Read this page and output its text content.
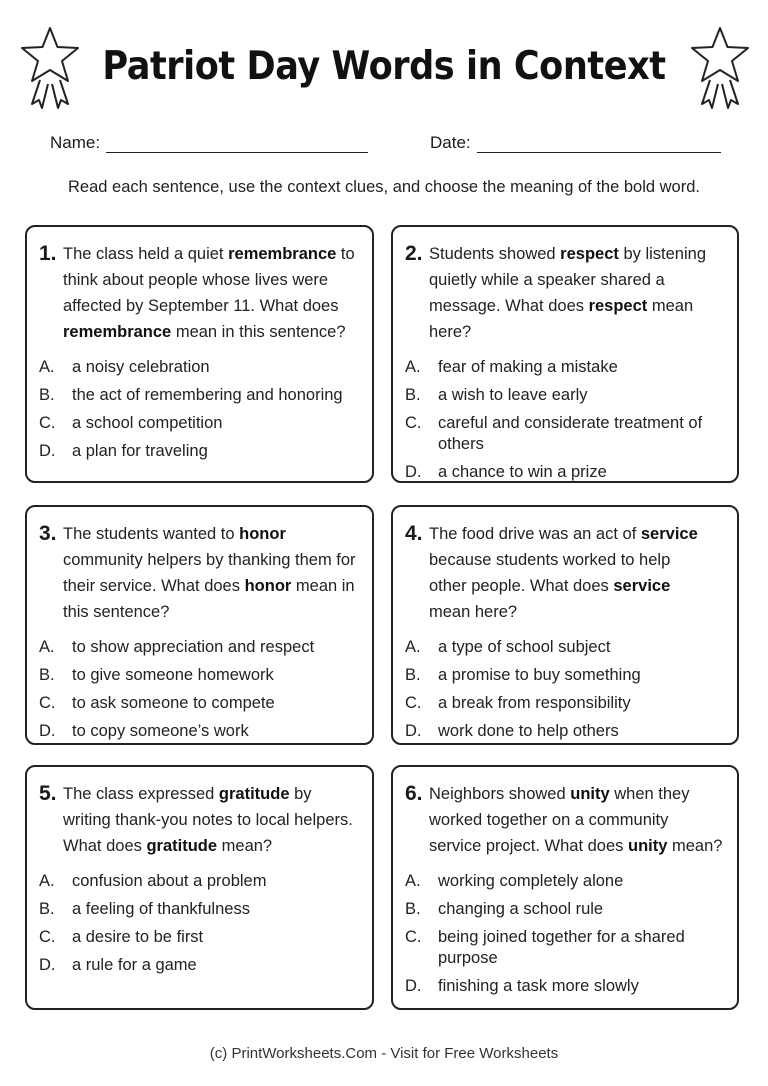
Patriot Day Words in Context
Name:	Date:

Read each sentence, use the context clues, and choose the meaning of the bold word.

1. The class held a quiet remembrance to think about people whose lives were affected by September 11. What does remembrance mean in this sentence?

A.	a noisy celebration
B.	the act of remembering and honoring
C.	a school competition
D.	a plan for traveling
2. Students showed respect by listening quietly while a speaker shared a message. What does respect mean here?

A.	fear of making a mistake
B.	a wish to leave early
C.	careful and considerate treatment of others
D.	a chance to win a prize
3. The students wanted to honor community helpers by thanking them for their service. What does honor mean in this sentence?

A.	to show appreciation and respect
B.	to give someone homework
C.	to ask someone to compete
D.	to copy someone’s work
4. The food drive was an act of service because students worked to help other people. What does service mean here?

A.	a type of school subject
B.	a promise to buy something
C.	a break from responsibility
D.	work done to help others
5. The class expressed gratitude by writing thank-you notes to local helpers. What does gratitude mean?

A.	confusion about a problem
B.	a feeling of thankfulness
C.	a desire to be first
D.	a rule for a game
6. Neighbors showed unity when they worked together on a community service project. What does unity mean?

A.	working completely alone
B.	changing a school rule
C.	being joined together for a shared purpose
D.	finishing a task more slowly
(c) PrintWorksheets.Com - Visit for Free Worksheets
